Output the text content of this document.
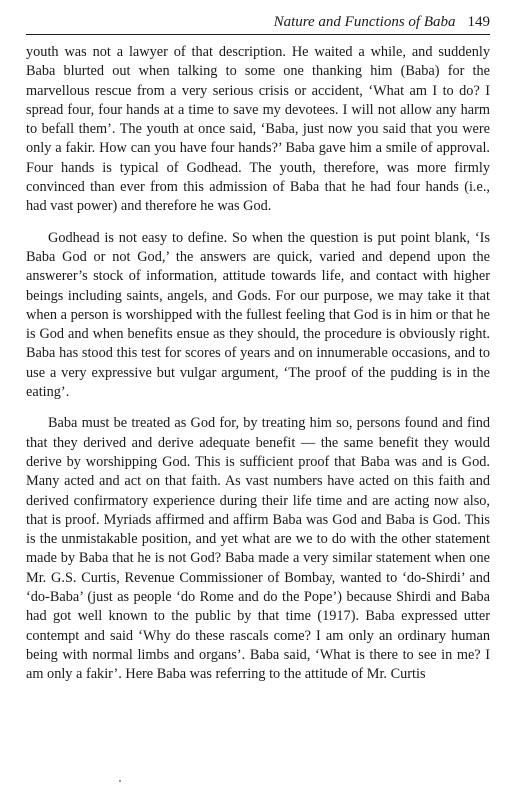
Nature and Functions of Baba 149

youth was not a lawyer of that description. He waited a while, and suddenly Baba blurted out when talking to some one thanking him (Baba) for the marvellous rescue from a very serious crisis or accident, ‘What am I to do? I spread four, four hands at a time to save my devotees. I will not allow any harm to befall them’. The youth at once said, ‘Baba, just now you said that you were only a fakir. How can you have four hands?’ Baba gave him a smile of approval. Four hands is typical of Godhead. The youth, therefore, was more firmly convinced than ever from this admission of Baba that he had four hands (i.e., had vast power) and therefore he was God.

Godhead is not easy to define. So when the question is put point blank, ‘Is Baba God or not God,’ the answers are quick, varied and depend upon the answerer’s stock of information, attitude towards life, and contact with higher beings including saints, angels, and Gods. For our purpose, we may take it that when a person is worshipped with the fullest feeling that God is in him or that he is God and when benefits ensue as they should, the procedure is obviously right. Baba has stood this test for scores of years and on innumerable occasions, and to use a very expressive but vulgar argument, ‘The proof of the pudding is in the eating’.

Baba must be treated as God for, by treating him so, persons found and find that they derived and derive adequate benefit — the same benefit they would derive by worshipping God. This is sufficient proof that Baba was and is God. Many acted and act on that faith. As vast numbers have acted on this faith and derived confirmatory experience during their life time and are acting now also, that is proof. Myriads affirmed and affirm Baba was God and Baba is God. This is the unmistakable position, and yet what are we to do with the other statement made by Baba that he is not God? Baba made a very similar statement when one Mr. G.S. Curtis, Revenue Commissioner of Bombay, wanted to ‘do-Shirdi’ and ‘do-Baba’ (just as people ‘do Rome and do the Pope’) because Shirdi and Baba had got well known to the public by that time (1917). Baba expressed utter contempt and said ‘Why do these rascals come? I am only an ordinary human being with normal limbs and organs’. Baba said, ‘What is there to see in me? I am only a fakir’. Here Baba was referring to the attitude of Mr. Curtis
